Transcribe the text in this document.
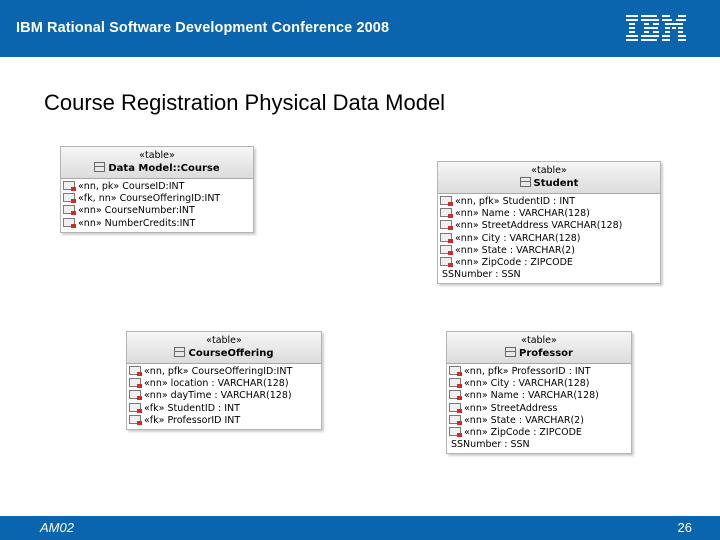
IBM Rational Software Development Conference 2008
Course Registration Physical Data Model
«table»
Data Model::Course
«nn, pk» CourseID:INT
«fk, nn» CourseOfferingID:INT
«nn» CourseNumber:INT
«nn» NumberCredits:INT
«table»
Student
«nn, pfk» StudentID : INT
«nn» Name : VARCHAR(128)
«nn» StreetAddress VARCHAR(128)
«nn» City : VARCHAR(128)
«nn» State : VARCHAR(2)
«nn» ZipCode : ZIPCODE
SSNumber : SSN
«table»
CourseOffering
«nn, pfk» CourseOfferingID:INT
«nn» location : VARCHAR(128)
«nn» dayTime : VARCHAR(128)
«fk» StudentID : INT
«fk» ProfessorID INT
«table»
Professor
«nn, pfk» ProfessorID : INT
«nn» City : VARCHAR(128)
«nn» Name : VARCHAR(128)
«nn» StreetAddress
«nn» State : VARCHAR(2)
«nn» ZipCode : ZIPCODE
SSNumber : SSN
AM02	26
